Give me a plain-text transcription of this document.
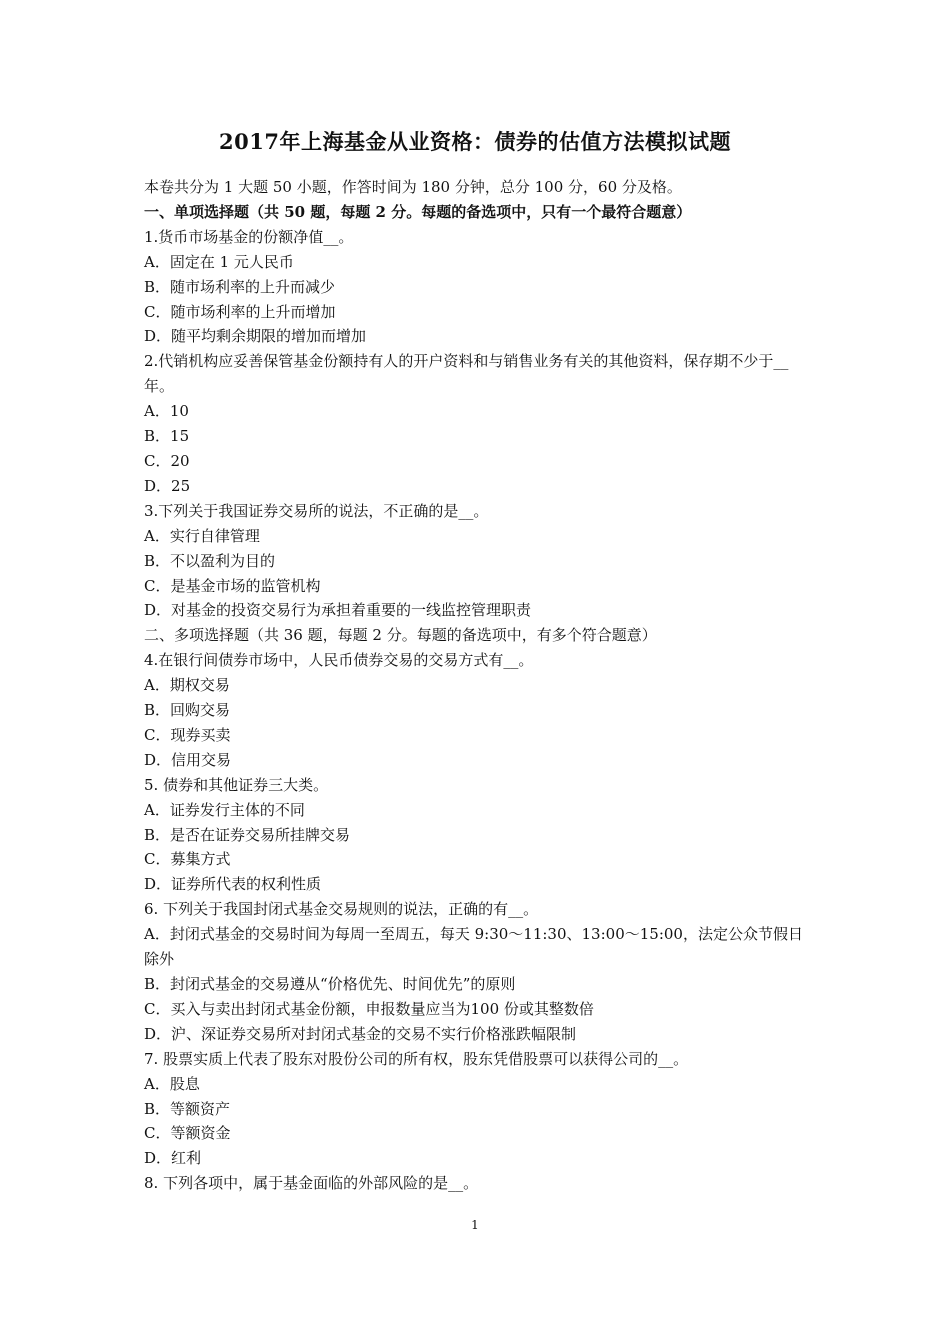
2017年上海基金从业资格：债券的估值方法模拟试题
本卷共分为 1 大题 50 小题，作答时间为 180 分钟，总分 100 分，60 分及格。
一、单项选择题（共 50 题，每题 2 分。每题的备选项中，只有一个最符合题意）
1.货币市场基金的份额净值__。
A．固定在 1 元人民币
B．随市场利率的上升而减少
C．随市场利率的上升而增加
D．随平均剩余期限的增加而增加
2.代销机构应妥善保管基金份额持有人的开户资料和与销售业务有关的其他资料，保存期不少于__年。
A．10
B．15
C．20
D．25
3.下列关于我国证券交易所的说法，不正确的是__。
A．实行自律管理
B．不以盈利为目的
C．是基金市场的监管机构
D．对基金的投资交易行为承担着重要的一线监控管理职责
二、多项选择题（共 36 题，每题 2 分。每题的备选项中，有多个符合题意）
4.在银行间债券市场中，人民币债券交易的交易方式有__。
A．期权交易
B．回购交易
C．现券买卖
D．信用交易
5. 债券和其他证券三大类。
A．证券发行主体的不同
B．是否在证券交易所挂牌交易
C．募集方式
D．证券所代表的权利性质
6. 下列关于我国封闭式基金交易规则的说法，正确的有__。
A．封闭式基金的交易时间为每周一至周五，每天 9:30～11:30、13:00～15:00，法定公众节假日除外
B．封闭式基金的交易遵从“价格优先、时间优先”的原则
C．买入与卖出封闭式基金份额，申报数量应当为100 份或其整数倍
D．沪、深证券交易所对封闭式基金的交易不实行价格涨跌幅限制
7. 股票实质上代表了股东对股份公司的所有权，股东凭借股票可以获得公司的__。
A．股息
B．等额资产
C．等额资金
D．红利
8. 下列各项中，属于基金面临的外部风险的是__。
1
